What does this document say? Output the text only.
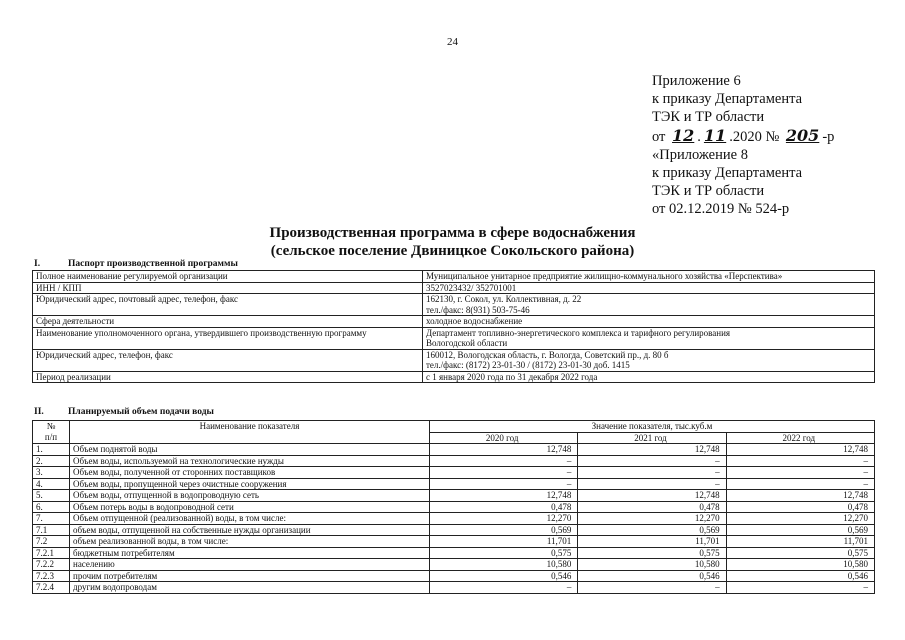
24
Приложение 6
к приказу Департамента
ТЭК и ТР области
от 12 . 11 .2020 № 205 -р
«Приложение 8
к приказу Департамента
ТЭК и ТР области
от 02.12.2019 № 524-р
Производственная программа в сфере водоснабжения
(сельское поселение Двиницкое Сокольского района)
I.	Паспорт производственной программы
Полное наименование регулируемой организации	Муниципальное унитарное предприятие жилищно-коммунального хозяйства «Перспектива»

ИНН / КПП	3527023432/ 352701001

Юридический адрес, почтовый адрес, телефон, факс	162130, г. Сокол, ул. Коллективная, д. 22
тел./факс: 8(931) 503-75-46

Сфера деятельности	холодное водоснабжение

Наименование уполномоченного органа, утвердившего производственную программу	Департамент топливно-энергетического комплекса и тарифного регулирования
Вологодской области

Юридический адрес, телефон, факс	160012, Вологодская область, г. Вологда, Советский пр., д. 80 б
тел./факс: (8172) 23-01-30 / (8172) 23-01-30 доб. 1415

Период реализации	с 1 января 2020 года по 31 декабря 2022 года
II.	Планируемый объем подачи воды
№
п/п	Наименование показателя	Значение показателя, тыс.куб.м		
		2020 год	2021 год	2022 год
1.	Объем поднятой воды	12,748	12,748	12,748
2.	Объем воды, используемой на технологические нужды	–	–	–
3.	Объем воды, полученной от сторонних поставщиков	–	–	–
4.	Объем воды, пропущенной через очистные сооружения	–	–	–
5.	Объем воды, отпущенной в водопроводную сеть	12,748	12,748	12,748
6.	Объем потерь воды в водопроводной сети	0,478	0,478	0,478
7.	Объем отпущенной (реализованной) воды, в том числе:	12,270	12,270	12,270
7.1	объем воды, отпущенной на собственные нужды организации	0,569	0,569	0,569
7.2	объем реализованной воды, в том числе:	11,701	11,701	11,701
7.2.1	бюджетным потребителям	0,575	0,575	0,575
7.2.2	населению	10,580	10,580	10,580
7.2.3	прочим потребителям	0,546	0,546	0,546
7.2.4	другим водопроводам	–	–	–
